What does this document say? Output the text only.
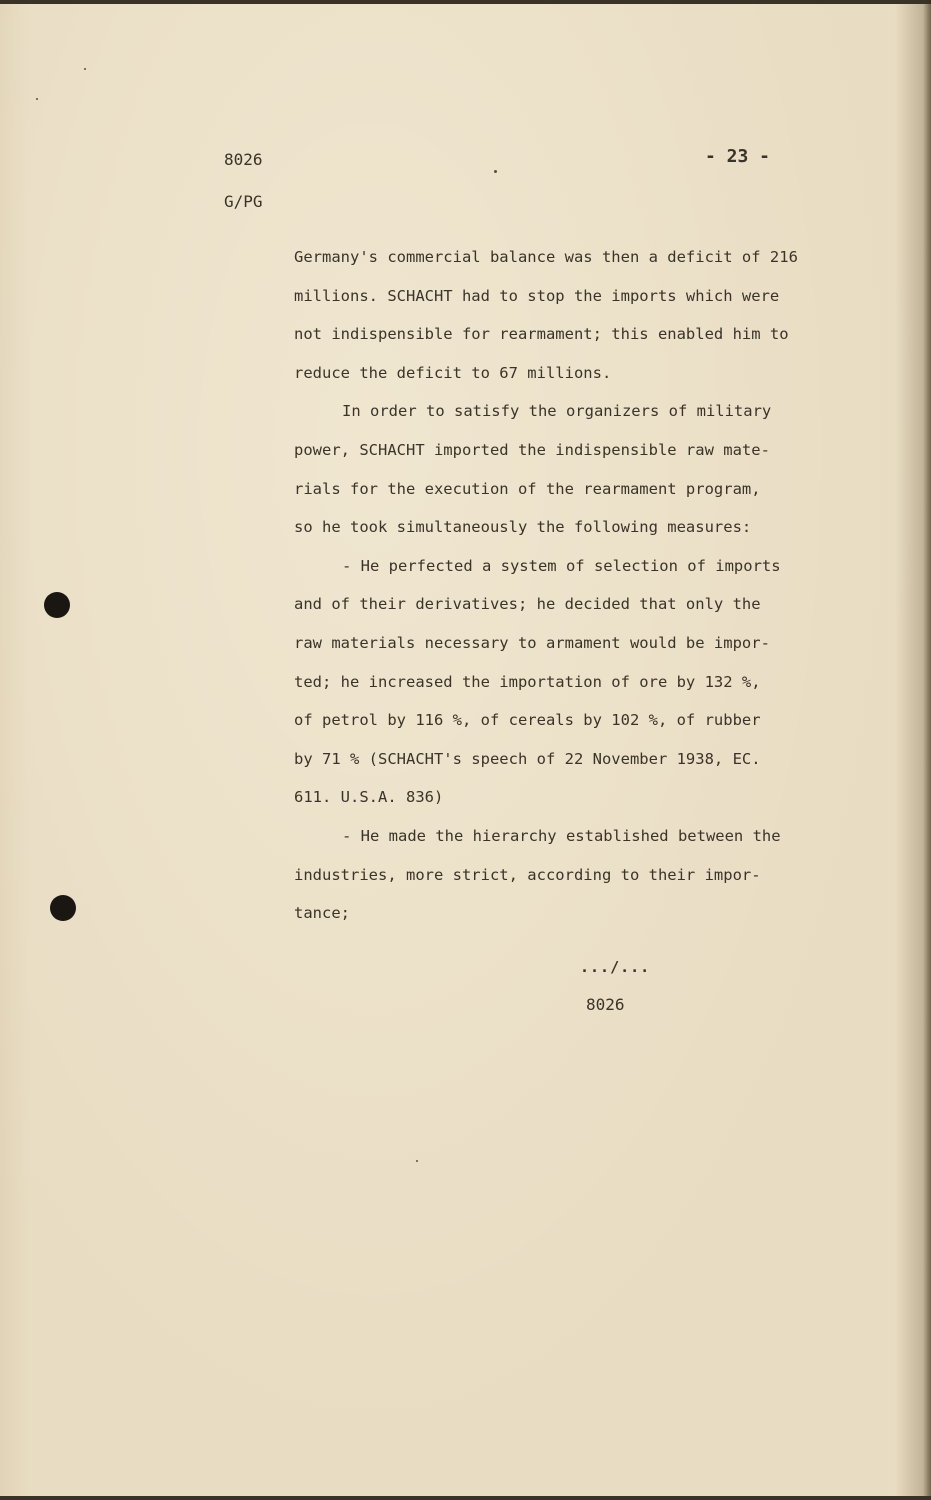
8026
G/PG
- 23 -
Germany's commercial balance was then a deficit of 216
millions. SCHACHT had to stop the imports which were
not indispensible for rearmament; this enabled him to
reduce the deficit to 67 millions.
In order to satisfy the organizers of military
power, SCHACHT imported the indispensible raw mate-
rials for the execution of the rearmament program,
so he took simultaneously the following measures:
- He perfected a system of selection of imports
and of their derivatives; he decided that only the
raw materials necessary to armament would be impor-
ted; he increased the importation of ore by 132 %,
of petrol by 116 %, of cereals by 102 %, of rubber
by 71 % (SCHACHT's speech of 22 November 1938, EC.
611. U.S.A. 836)
- He made the hierarchy established between the
industries, more strict, according to their impor-
tance;
.../...
8026
